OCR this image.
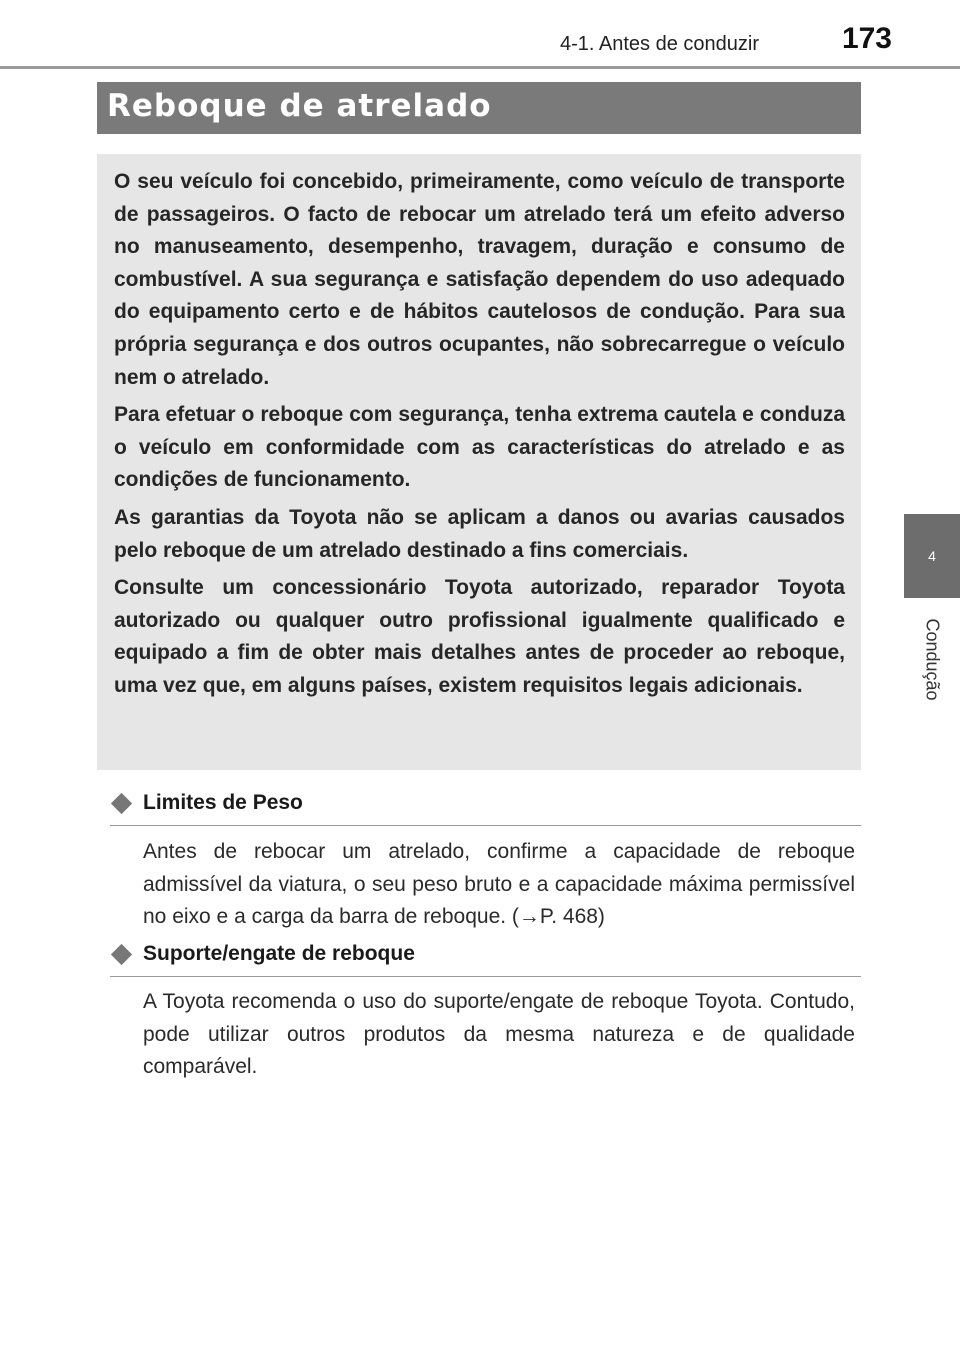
4-1. Antes de conduzir	173
4
Condução
Reboque de atrelado

O seu veículo foi concebido, primeiramente, como veículo de transporte de passageiros. O facto de rebocar um atrelado terá um efeito adverso no manuseamento, desempenho, travagem, duração e consumo de combustível. A sua segurança e satisfação dependem do uso adequado do equipamento certo e de hábitos cautelosos de condução. Para sua própria segurança e dos outros ocupantes, não sobrecarregue o veículo nem o atrelado.

Para efetuar o reboque com segurança, tenha extrema cautela e conduza o veículo em conformidade com as características do atrelado e as condições de funcionamento.

As garantias da Toyota não se aplicam a danos ou avarias causados pelo reboque de um atrelado destinado a fins comerciais.

Consulte um concessionário Toyota autorizado, reparador Toyota autorizado ou qualquer outro profissional igualmente qualificado e equipado a fim de obter mais detalhes antes de proceder ao reboque, uma vez que, em alguns países, existem requisitos legais adicionais.

Limites de Peso

Antes de rebocar um atrelado, confirme a capacidade de reboque admissível da viatura, o seu peso bruto e a capacidade máxima permissível no eixo e a carga da barra de reboque. (→P. 468)

Suporte/engate de reboque

A Toyota recomenda o uso do suporte/engate de reboque Toyota. Contudo, pode utilizar outros produtos da mesma natureza e de qualidade comparável.
